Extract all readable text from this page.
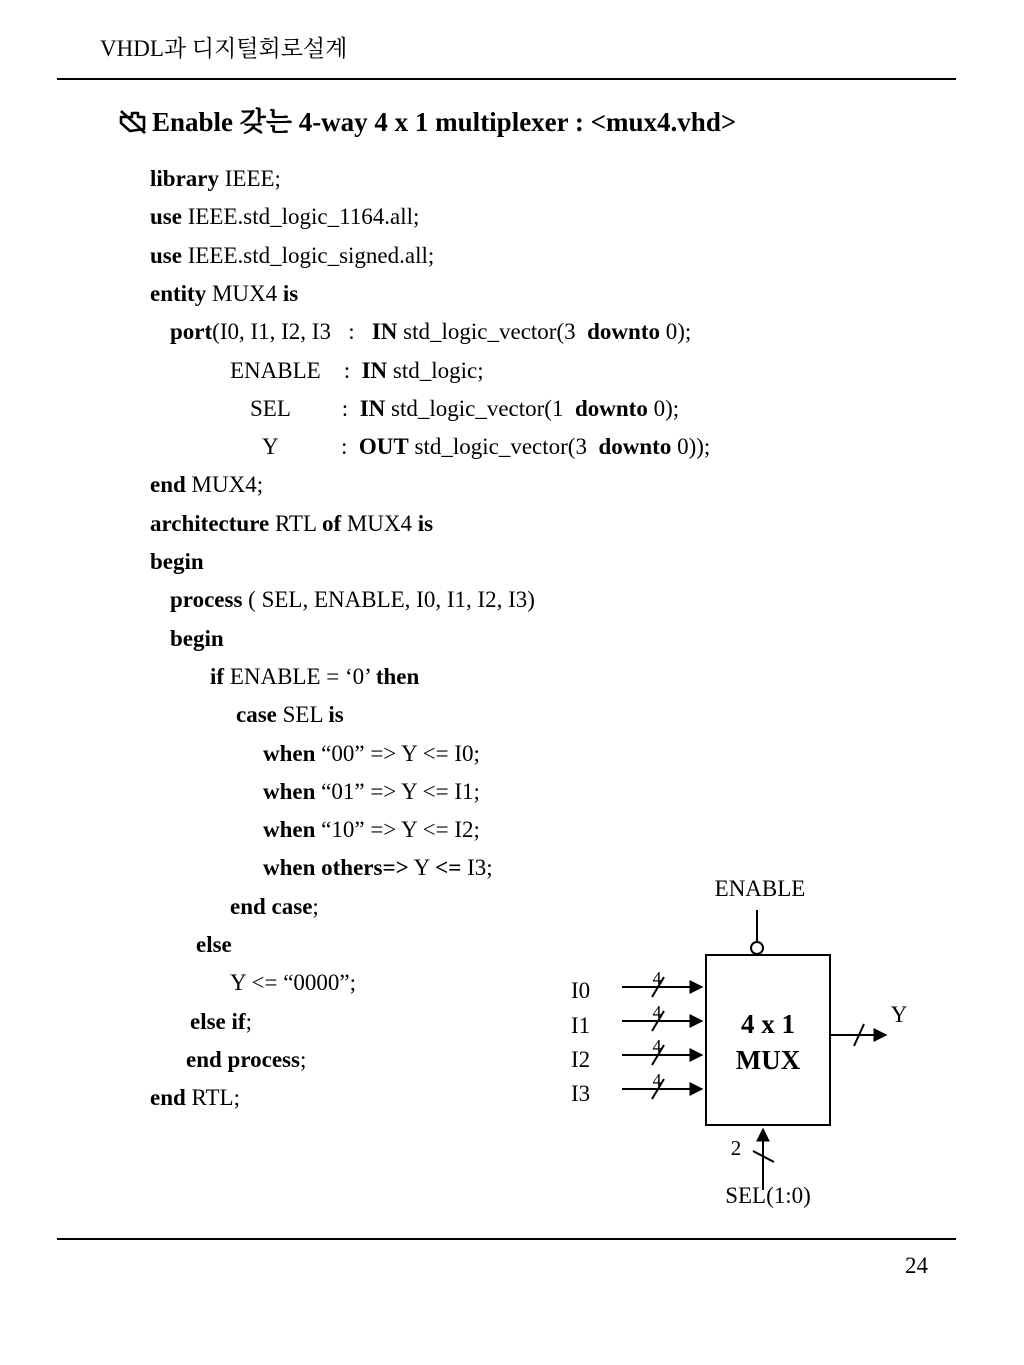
VHDL과 디지털회로설계
Enable 갖는 4-way 4 x 1 multiplexer : <mux4.vhd>
library IEEE;
use IEEE.std_logic_1164.all;
use IEEE.std_logic_signed.all;
entity MUX4 is
port(I0, I1, I2, I3   :   IN std_logic_vector(3  downto 0);
ENABLE    :  IN std_logic;
SEL         :  IN std_logic_vector(1  downto 0);
Y           :  OUT std_logic_vector(3  downto 0));
end MUX4;
architecture RTL of MUX4 is
begin
process ( SEL, ENABLE, I0, I1, I2, I3)
begin
if ENABLE = ‘0’ then
case SEL is
when “00” => Y <= I0;
when “01” => Y <= I1;
when “10” => Y <= I2;
when others=> Y <= I3;
end case;
else
Y <= “0000”;
else if;
end process;
end RTL;
ENABLE
4 x 1
MUX
I0	4
I1
4
I2
4
I3
4
Y
2
SEL(1:0)
24
